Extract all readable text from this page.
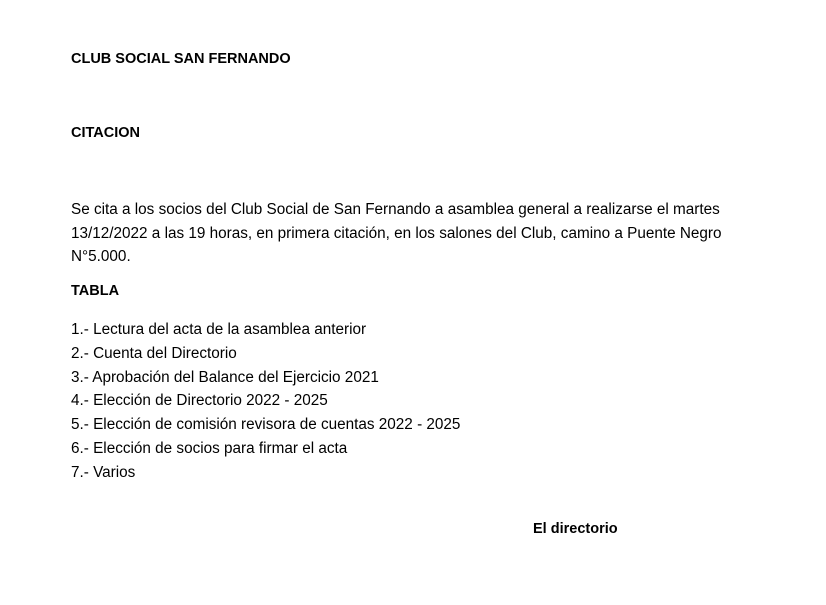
CLUB SOCIAL SAN FERNANDO
CITACION
Se cita a los socios del Club Social de San Fernando a asamblea general a realizarse el martes
13/12/2022 a las 19 horas, en primera citación, en los salones del Club, camino a Puente Negro
N°5.000.
TABLA
1.- Lectura del acta de la asamblea anterior
2.- Cuenta del Directorio
3.- Aprobación del Balance del Ejercicio 2021
4.- Elección de Directorio 2022 - 2025
5.- Elección de comisión revisora de cuentas 2022 - 2025
6.- Elección de socios para firmar el acta
7.- Varios
El directorio
